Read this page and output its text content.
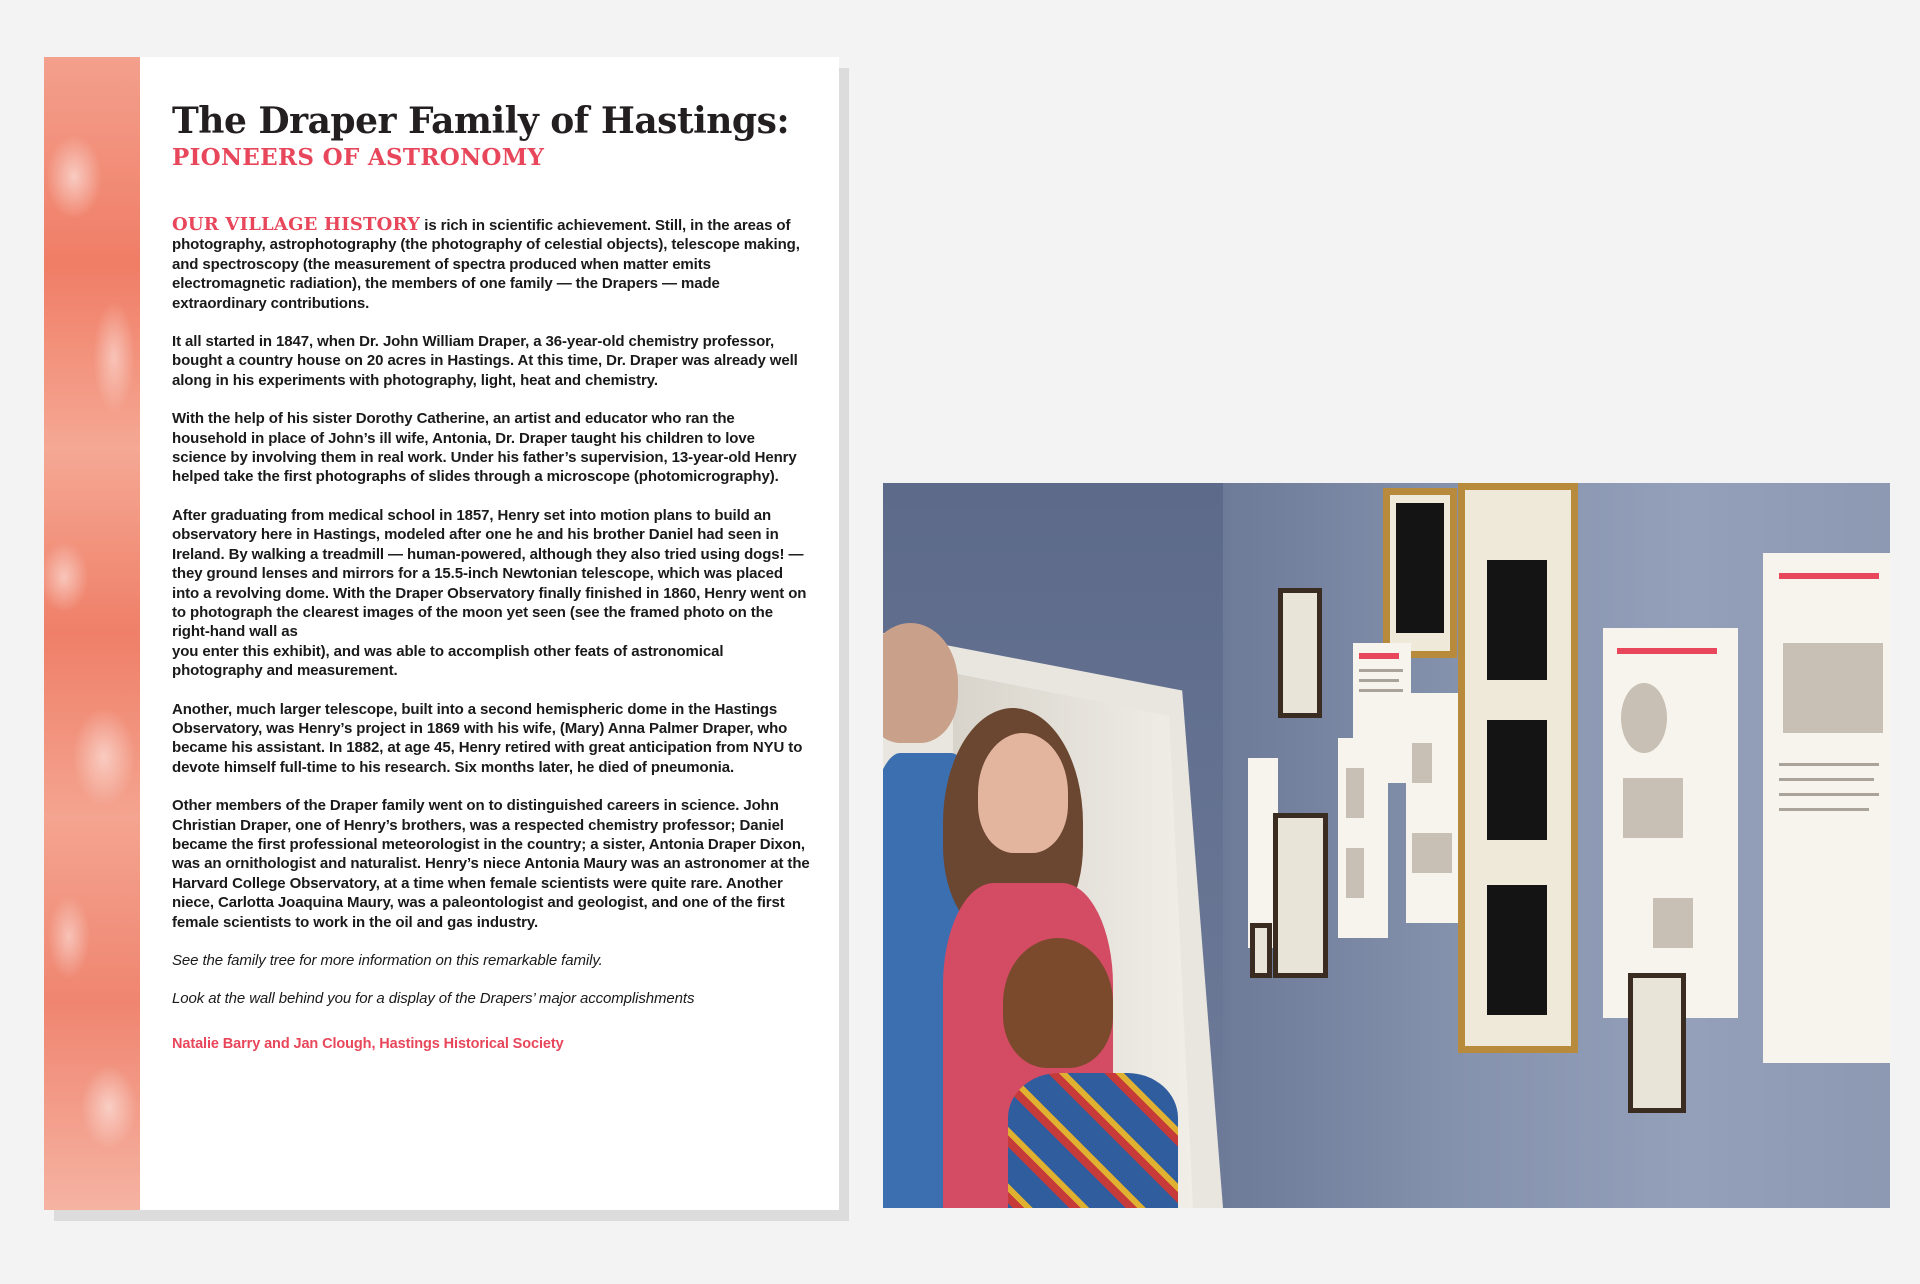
The Draper Family of Hastings:
PIONEERS OF ASTRONOMY

OUR VILLAGE HISTORY is rich in scientific achievement. Still, in the areas of photography, astrophotography (the photography of celestial objects), telescope making, and spectroscopy (the measurement of spectra produced when matter emits electromagnetic radiation), the members of one family — the Drapers — made extraordinary contributions.

It all started in 1847, when Dr. John William Draper, a 36-year-old chemistry professor, bought a country house on 20 acres in Hastings. At this time, Dr. Draper was already well along in his experiments with photography, light, heat and chemistry.

With the help of his sister Dorothy Catherine, an artist and educator who ran the household in place of John’s ill wife, Antonia, Dr. Draper taught his children to love science by involving them in real work. Under his father’s supervision, 13-year-old Henry helped take the first photographs of slides through a microscope (photomicrography).

After graduating from medical school in 1857, Henry set into motion plans to build an observatory here in Hastings, modeled after one he and his brother Daniel had seen in Ireland. By walking a treadmill — human-powered, although they also tried using dogs! — they ground lenses and mirrors for a 15.5-inch Newtonian telescope, which was placed into a revolving dome. With the Draper Observatory finally finished in 1860, Henry went on to photograph the clearest images of the moon yet seen (see the framed photo on the right-hand wall as

you enter this exhibit), and was able to accomplish other feats of astronomical photography and measurement.

Another, much larger telescope, built into a second hemispheric dome in the Hastings Observatory, was Henry’s project in 1869 with his wife, (Mary) Anna Palmer Draper, who became his assistant. In 1882, at age 45, Henry retired with great anticipation from NYU to devote himself full-time to his research. Six months later, he died of pneumonia.

Other members of the Draper family went on to distinguished careers in science. John Christian Draper, one of Henry’s brothers, was a respected chemistry professor; Daniel became the first professional meteorologist in the country; a sister, Antonia Draper Dixon, was an ornithologist and naturalist. Henry’s niece Antonia Maury was an astronomer at the Harvard College Observatory, at a time when female scientists were quite rare. Another niece, Carlotta Joaquina Maury, was a paleontologist and geologist, and one of the first female scientists to work in the oil and gas industry.

See the family tree for more information on this remarkable family.

Look at the wall behind you for a display of the Drapers’ major accomplishments

Natalie Barry and Jan Clough, Hastings Historical Society
